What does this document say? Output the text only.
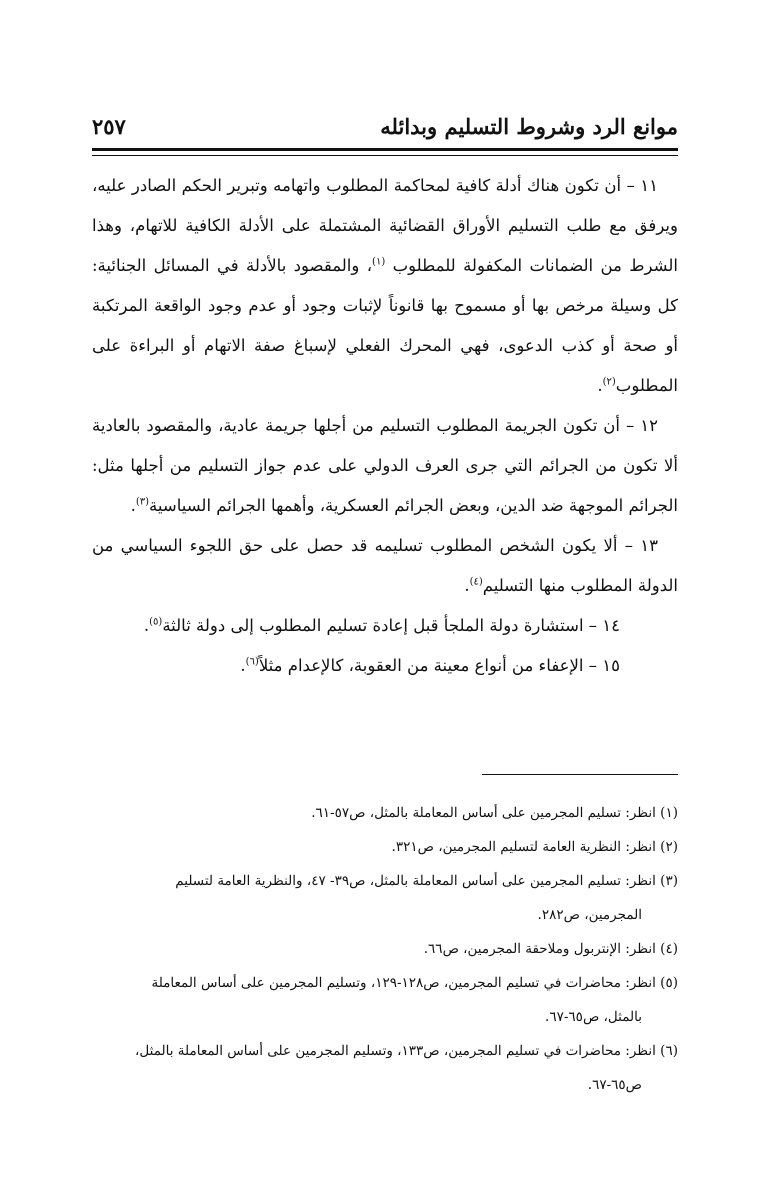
موانع الرد وشروط التسليم وبدائله
٢٥٧

١١ – أن تكون هناك أدلة كافية لمحاكمة المطلوب واتهامه وتبرير الحكم الصادر عليه، ويرفق مع طلب التسليم الأوراق القضائية المشتملة على الأدلة الكافية للاتهام، وهذا الشرط من الضمانات المكفولة للمطلوب $^{(١)}$، والمقصود بالأدلة في المسائل الجنائية: كل وسيلة مرخص بها أو مسموح بها قانوناً لإثبات وجود أو عدم وجود الواقعة المرتكبة أو صحة أو كذب الدعوى، فهي المحرك الفعلي لإسباغ صفة الاتهام أو البراءة على المطلوب$^{(٢)}$.

١٢ – أن تكون الجريمة المطلوب التسليم من أجلها جريمة عادية، والمقصود بالعادية ألا تكون من الجرائم التي جرى العرف الدولي على عدم جواز التسليم من أجلها مثل: الجرائم الموجهة ضد الدين، وبعض الجرائم العسكرية، وأهمها الجرائم السياسية$^{(٣)}$.

١٣ – ألا يكون الشخص المطلوب تسليمه قد حصل على حق اللجوء السياسي من الدولة المطلوب منها التسليم$^{(٤)}$.

١٤ – استشارة دولة الملجأ قبل إعادة تسليم المطلوب إلى دولة ثالثة$^{(٥)}$.

١٥ – الإعفاء من أنواع معينة من العقوبة، كالإعدام مثلاً$^{(٦)}$.

(١) انظر: تسليم المجرمين على أساس المعاملة بالمثل، ص٥٧-٦١.

(٢) انظر: النظرية العامة لتسليم المجرمين، ص٣٢١.

(٣) انظر: تسليم المجرمين على أساس المعاملة بالمثل، ص٣٩- ٤٧، والنظرية العامة لتسليم

المجرمين، ص٢٨٢.

(٤) انظر: الإنتربول وملاحقة المجرمين، ص٦٦.

(٥) انظر: محاضرات في تسليم المجرمين، ص١٢٨-١٢٩، وتسليم المجرمين على أساس المعاملة

بالمثل، ص٦٥-٦٧.

(٦) انظر: محاضرات في تسليم المجرمين، ص١٣٣، وتسليم المجرمين على أساس المعاملة بالمثل،

ص٦٥-٦٧.
